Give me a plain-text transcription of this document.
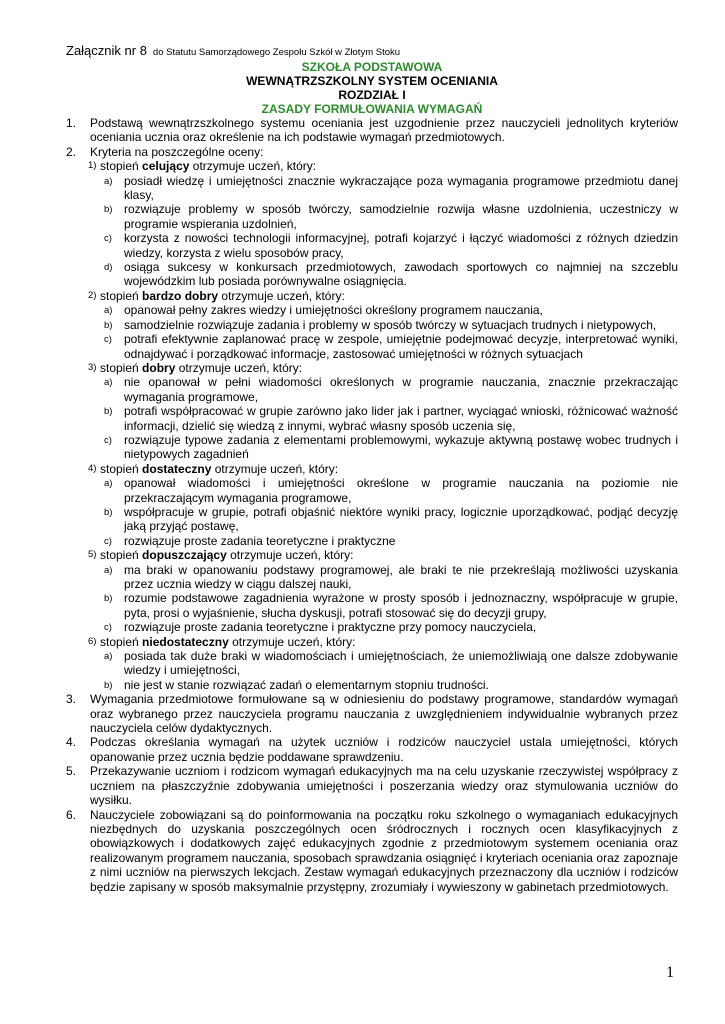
Załącznik nr 8 do Statutu Samorządowego Zespołu Szkół w Złotym Stoku
SZKOŁA PODSTAWOWA
WEWNĄTRZSZKOLNY SYSTEM OCENIANIA
ROZDZIAŁ I
ZASADY FORMUŁOWANIA WYMAGAŃ
1. Podstawą wewnątrzszkolnego systemu oceniania jest uzgodnienie przez nauczycieli jednolitych kryteriów oceniania ucznia oraz określenie na ich podstawie wymagań przedmiotowych.
2. Kryteria na poszczególne oceny:
1) stopień celujący otrzymuje uczeń, który:
a) posiadł wiedzę i umiejętności znacznie wykraczające poza wymagania programowe przedmiotu danej klasy,
b) rozwiązuje problemy w sposób twórczy, samodzielnie rozwija własne uzdolnienia, uczestniczy w programie wspierania uzdolnień,
c) korzysta z nowości technologii informacyjnej, potrafi kojarzyć i łączyć wiadomości z różnych dziedzin wiedzy, korzysta z wielu sposobów pracy,
d) osiąga sukcesy w konkursach przedmiotowych, zawodach sportowych co najmniej na szczeblu wojewódzkim lub posiada porównywalne osiągnięcia.
2) stopień bardzo dobry otrzymuje uczeń, który:
a) opanował pełny zakres wiedzy i umiejętności określony programem nauczania,
b) samodzielnie rozwiązuje zadania i problemy w sposób twórczy w sytuacjach trudnych i nietypowych,
c) potrafi efektywnie zaplanować pracę w zespole, umiejętnie podejmować decyzje, interpretować wyniki, odnajdywać i porządkować informacje, zastosować umiejętności w różnych sytuacjach
3) stopień dobry otrzymuje uczeń, który:
a) nie opanował w pełni wiadomości określonych w programie nauczania, znacznie przekraczając wymagania programowe,
b) potrafi współpracować w grupie zarówno jako lider jak i partner, wyciągać wnioski, różnicować ważność informacji, dzielić się wiedzą z innymi, wybrać własny sposób uczenia się,
c) rozwiązuje typowe zadania z elementami problemowymi, wykazuje aktywną postawę wobec trudnych i nietypowych zagadnień
4) stopień dostateczny otrzymuje uczeń, który:
a) opanował wiadomości i umiejętności określone w programie nauczania na poziomie nie przekraczającym wymagania programowe,
b) współpracuje w grupie, potrafi objaśnić niektóre wyniki pracy, logicznie uporządkować, podjąć decyzję jaką przyjąć postawę,
c) rozwiązuje proste zadania teoretyczne i praktyczne
5) stopień dopuszczający otrzymuje uczeń, który:
a) ma braki w opanowaniu podstawy programowej, ale braki te nie przekreślają możliwości uzyskania przez ucznia wiedzy w ciągu dalszej nauki,
b) rozumie podstawowe zagadnienia wyrażone w prosty sposób i jednoznaczny, współpracuje w grupie, pyta, prosi o wyjaśnienie, słucha dyskusji, potrafi stosować się do decyzji grupy,
c) rozwiązuje proste zadania teoretyczne i praktyczne przy pomocy nauczyciela,
6) stopień niedostateczny otrzymuje uczeń, który:
a) posiada tak duże braki w wiadomościach i umiejętnościach, że uniemożliwiają one dalsze zdobywanie wiedzy i umiejętności,
b) nie jest w stanie rozwiązać zadań o elementarnym stopniu trudności.
3. Wymagania przedmiotowe formułowane są w odniesieniu do podstawy programowe, standardów wymagań oraz wybranego przez nauczyciela programu nauczania z uwzględnieniem indywidualnie wybranych przez nauczyciela celów dydaktycznych.
4. Podczas określania wymagań na użytek uczniów i rodziców nauczyciel ustala umiejętności, których opanowanie przez ucznia będzie poddawane sprawdzeniu.
5. Przekazywanie uczniom i rodzicom wymagań edukacyjnych ma na celu uzyskanie rzeczywistej współpracy z uczniem na płaszczyźnie zdobywania umiejętności i poszerzania wiedzy oraz stymulowania uczniów do wysiłku.
6. Nauczyciele zobowiązani są do poinformowania na początku roku szkolnego o wymaganiach edukacyjnych niezbędnych do uzyskania poszczególnych ocen śródrocznych i rocznych ocen klasyfikacyjnych z obowiązkowych i dodatkowych zajęć edukacyjnych zgodnie z przedmiotowym systemem oceniania oraz realizowanym programem nauczania, sposobach sprawdzania osiągnięć i kryteriach oceniania oraz zapoznaje z nimi uczniów na pierwszych lekcjach. Zestaw wymagań edukacyjnych przeznaczony dla uczniów i rodziców będzie zapisany w sposób maksymalnie przystępny, zrozumiały i wywieszony w gabinetach przedmiotowych.
1
